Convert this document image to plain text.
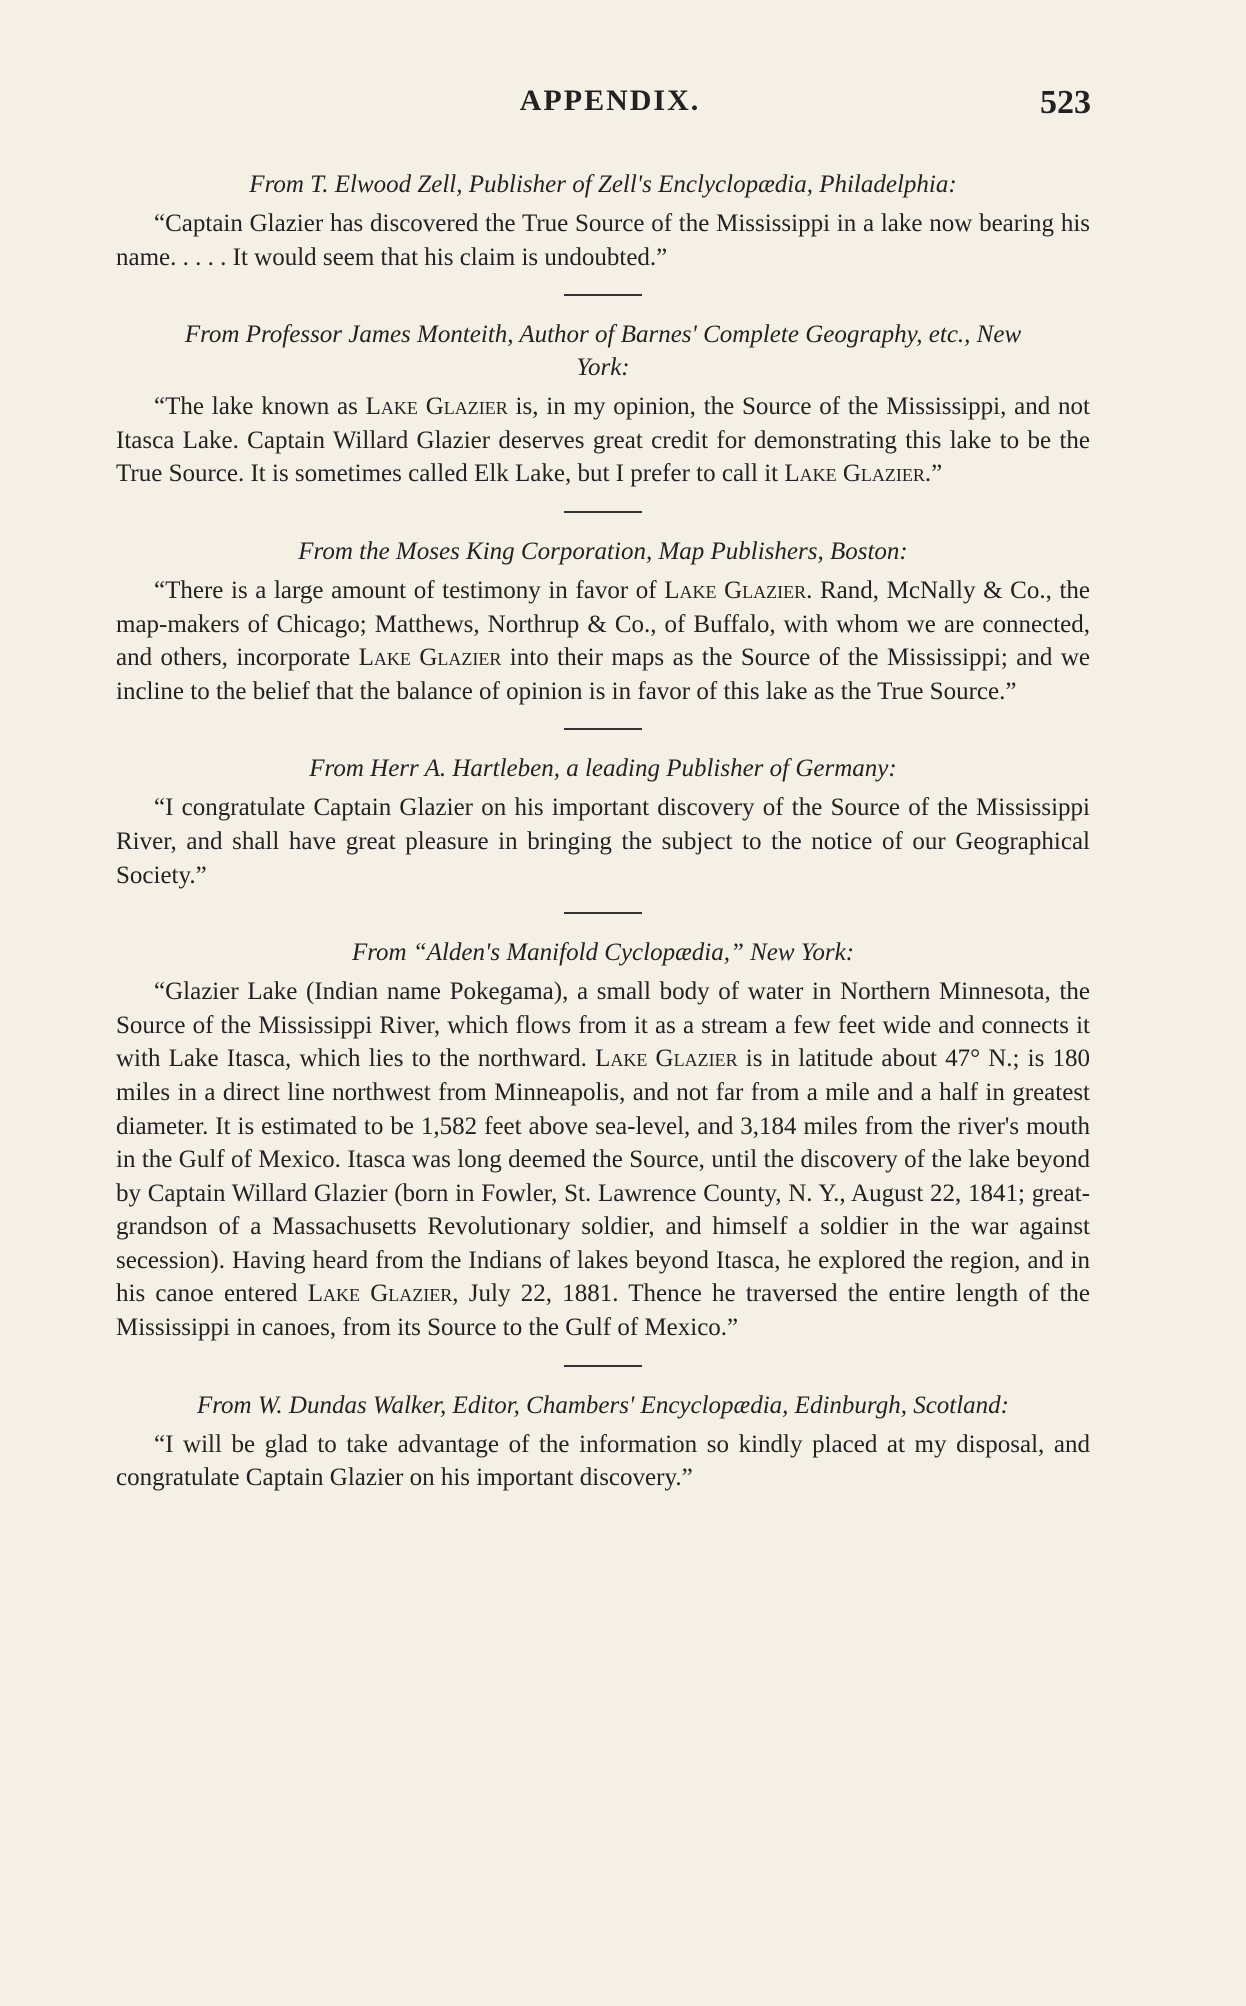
APPENDIX.	523

From T. Elwood Zell, Publisher of Zell's Enclyclopædia, Philadelphia:

“Captain Glazier has discovered the True Source of the Mississippi in a lake now bearing his name. . . . . It would seem that his claim is undoubted.”

From Professor James Monteith, Author of Barnes' Complete Geography, etc., New York:

“The lake known as Lake Glazier is, in my opinion, the Source of the Mississippi, and not Itasca Lake. Captain Willard Glazier deserves great credit for demonstrating this lake to be the True Source. It is sometimes called Elk Lake, but I prefer to call it Lake Glazier.”

From the Moses King Corporation, Map Publishers, Boston:

“There is a large amount of testimony in favor of Lake Glazier. Rand, McNally & Co., the map-makers of Chicago; Matthews, Northrup & Co., of Buffalo, with whom we are connected, and others, incorporate Lake Glazier into their maps as the Source of the Mississippi; and we incline to the belief that the balance of opinion is in favor of this lake as the True Source.”

From Herr A. Hartleben, a leading Publisher of Germany:

“I congratulate Captain Glazier on his important discovery of the Source of the Mississippi River, and shall have great pleasure in bringing the subject to the notice of our Geographical Society.”

From “Alden's Manifold Cyclopædia,” New York:

“Glazier Lake (Indian name Pokegama), a small body of water in Northern Minnesota, the Source of the Mississippi River, which flows from it as a stream a few feet wide and connects it with Lake Itasca, which lies to the northward. Lake Glazier is in latitude about 47° N.; is 180 miles in a direct line northwest from Minneapolis, and not far from a mile and a half in greatest diameter. It is estimated to be 1,582 feet above sea-level, and 3,184 miles from the river's mouth in the Gulf of Mexico. Itasca was long deemed the Source, until the discovery of the lake beyond by Captain Willard Glazier (born in Fowler, St. Lawrence County, N. Y., August 22, 1841; great-grandson of a Massachusetts Revolutionary soldier, and himself a soldier in the war against secession). Having heard from the Indians of lakes beyond Itasca, he explored the region, and in his canoe entered Lake Glazier, July 22, 1881. Thence he traversed the entire length of the Mississippi in canoes, from its Source to the Gulf of Mexico.”

From W. Dundas Walker, Editor, Chambers' Encyclopædia, Edinburgh, Scotland:

“I will be glad to take advantage of the information so kindly placed at my disposal, and congratulate Captain Glazier on his important discovery.”
